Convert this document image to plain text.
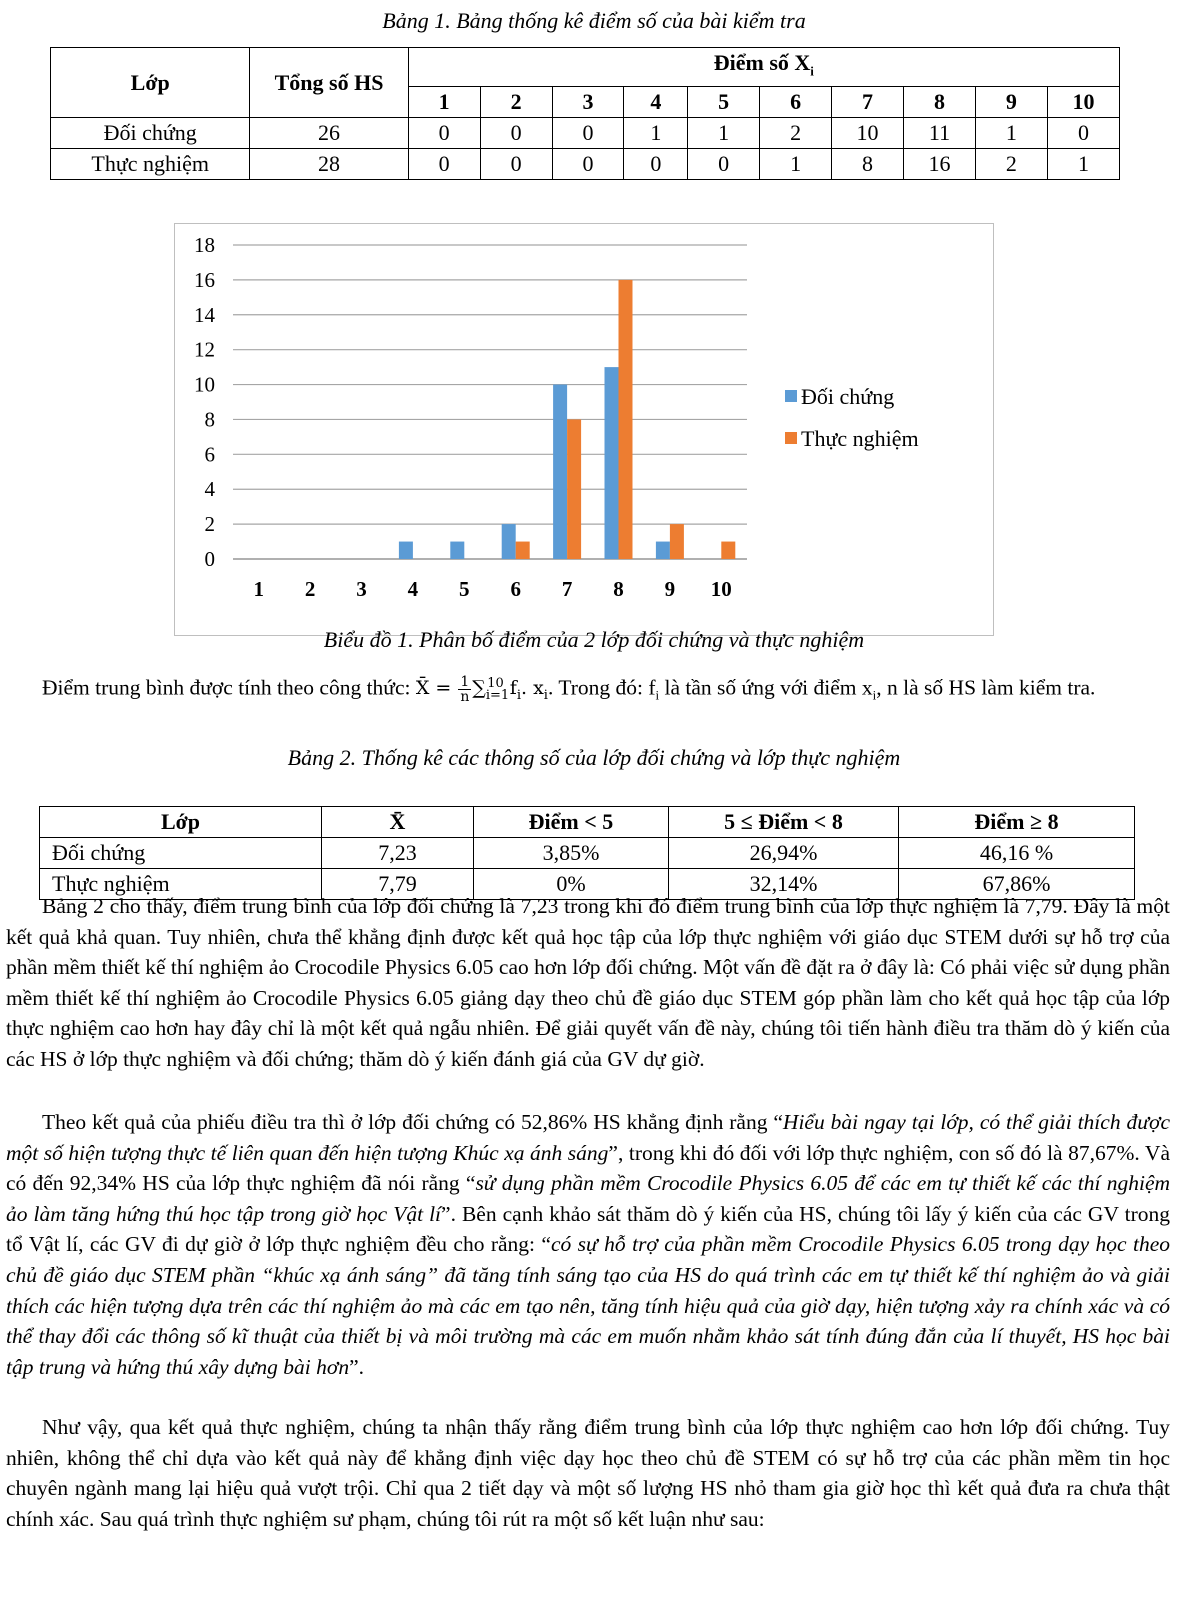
Bảng 1. Bảng thống kê điểm số của bài kiểm tra
Lớp	Tổng số HS	Điểm số $X_i$
		1	2	3	4	5	6	7	8	9	10
Đối chứng	26	0	0	0	1	1	2	10	11	1	0
Thực nghiệm	28	0	0	0	0	0	1	8	16	2	1
0
2
4
6
8
10
12
14
16
18
1 2 3 4 5 6 7 8 9 10
Đối chứng
Thực nghiệm
Biểu đồ 1. Phân bố điểm của 2 lớp đối chứng và thực nghiệm

Điểm trung bình được tính theo công thức: X̄ = $\frac{1}{n} \sum_{i=1}^{10}$ $f_i$. $x_i$. Trong đó: $f_i$ là tần số ứng với điểm $x_i$, n là số HS làm kiểm tra.

Bảng 2. Thống kê các thông số của lớp đối chứng và lớp thực nghiệm
Lớp	X̄	Điểm < 5	5 ≤ Điểm < 8	Điểm ≥ 8
Đối chứng	7,23	3,85%	26,94%	46,16 %
Thực nghiệm	7,79	0%	32,14%	67,86%

Bảng 2 cho thấy, điểm trung bình của lớp đối chứng là 7,23 trong khi đó điểm trung bình của lớp thực nghiệm là 7,79. Đây là một kết quả khả quan. Tuy nhiên, chưa thể khẳng định được kết quả học tập của lớp thực nghiệm với giáo dục STEM dưới sự hỗ trợ của phần mềm thiết kế thí nghiệm ảo Crocodile Physics 6.05 cao hơn lớp đối chứng. Một vấn đề đặt ra ở đây là: Có phải việc sử dụng phần mềm thiết kế thí nghiệm ảo Crocodile Physics 6.05 giảng dạy theo chủ đề giáo dục STEM góp phần làm cho kết quả học tập của lớp thực nghiệm cao hơn hay đây chỉ là một kết quả ngẫu nhiên. Để giải quyết vấn đề này, chúng tôi tiến hành điều tra thăm dò ý kiến của các HS ở lớp thực nghiệm và đối chứng; thăm dò ý kiến đánh giá của GV dự giờ.

Theo kết quả của phiếu điều tra thì ở lớp đối chứng có 52,86% HS khẳng định rằng “Hiểu bài ngay tại lớp, có thể giải thích được một số hiện tượng thực tế liên quan đến hiện tượng Khúc xạ ánh sáng”, trong khi đó đối với lớp thực nghiệm, con số đó là 87,67%. Và có đến 92,34% HS của lớp thực nghiệm đã nói rằng “sử dụng phần mềm Crocodile Physics 6.05 để các em tự thiết kế các thí nghiệm ảo làm tăng hứng thú học tập trong giờ học Vật lí”. Bên cạnh khảo sát thăm dò ý kiến của HS, chúng tôi lấy ý kiến của các GV trong tổ Vật lí, các GV đi dự giờ ở lớp thực nghiệm đều cho rằng: “có sự hỗ trợ của phần mềm Crocodile Physics 6.05 trong dạy học theo chủ đề giáo dục STEM phần “khúc xạ ánh sáng” đã tăng tính sáng tạo của HS do quá trình các em tự thiết kế thí nghiệm ảo và giải thích các hiện tượng dựa trên các thí nghiệm ảo mà các em tạo nên, tăng tính hiệu quả của giờ dạy, hiện tượng xảy ra chính xác và có thể thay đổi các thông số kĩ thuật của thiết bị và môi trường mà các em muốn nhằm khảo sát tính đúng đắn của lí thuyết, HS học bài tập trung và hứng thú xây dựng bài hơn”.

Như vậy, qua kết quả thực nghiệm, chúng ta nhận thấy rằng điểm trung bình của lớp thực nghiệm cao hơn lớp đối chứng. Tuy nhiên, không thể chỉ dựa vào kết quả này để khẳng định việc dạy học theo chủ đề STEM có sự hỗ trợ của các phần mềm tin học chuyên ngành mang lại hiệu quả vượt trội. Chỉ qua 2 tiết dạy và một số lượng HS nhỏ tham gia giờ học thì kết quả đưa ra chưa thật chính xác. Sau quá trình thực nghiệm sư phạm, chúng tôi rút ra một số kết luận như sau:
